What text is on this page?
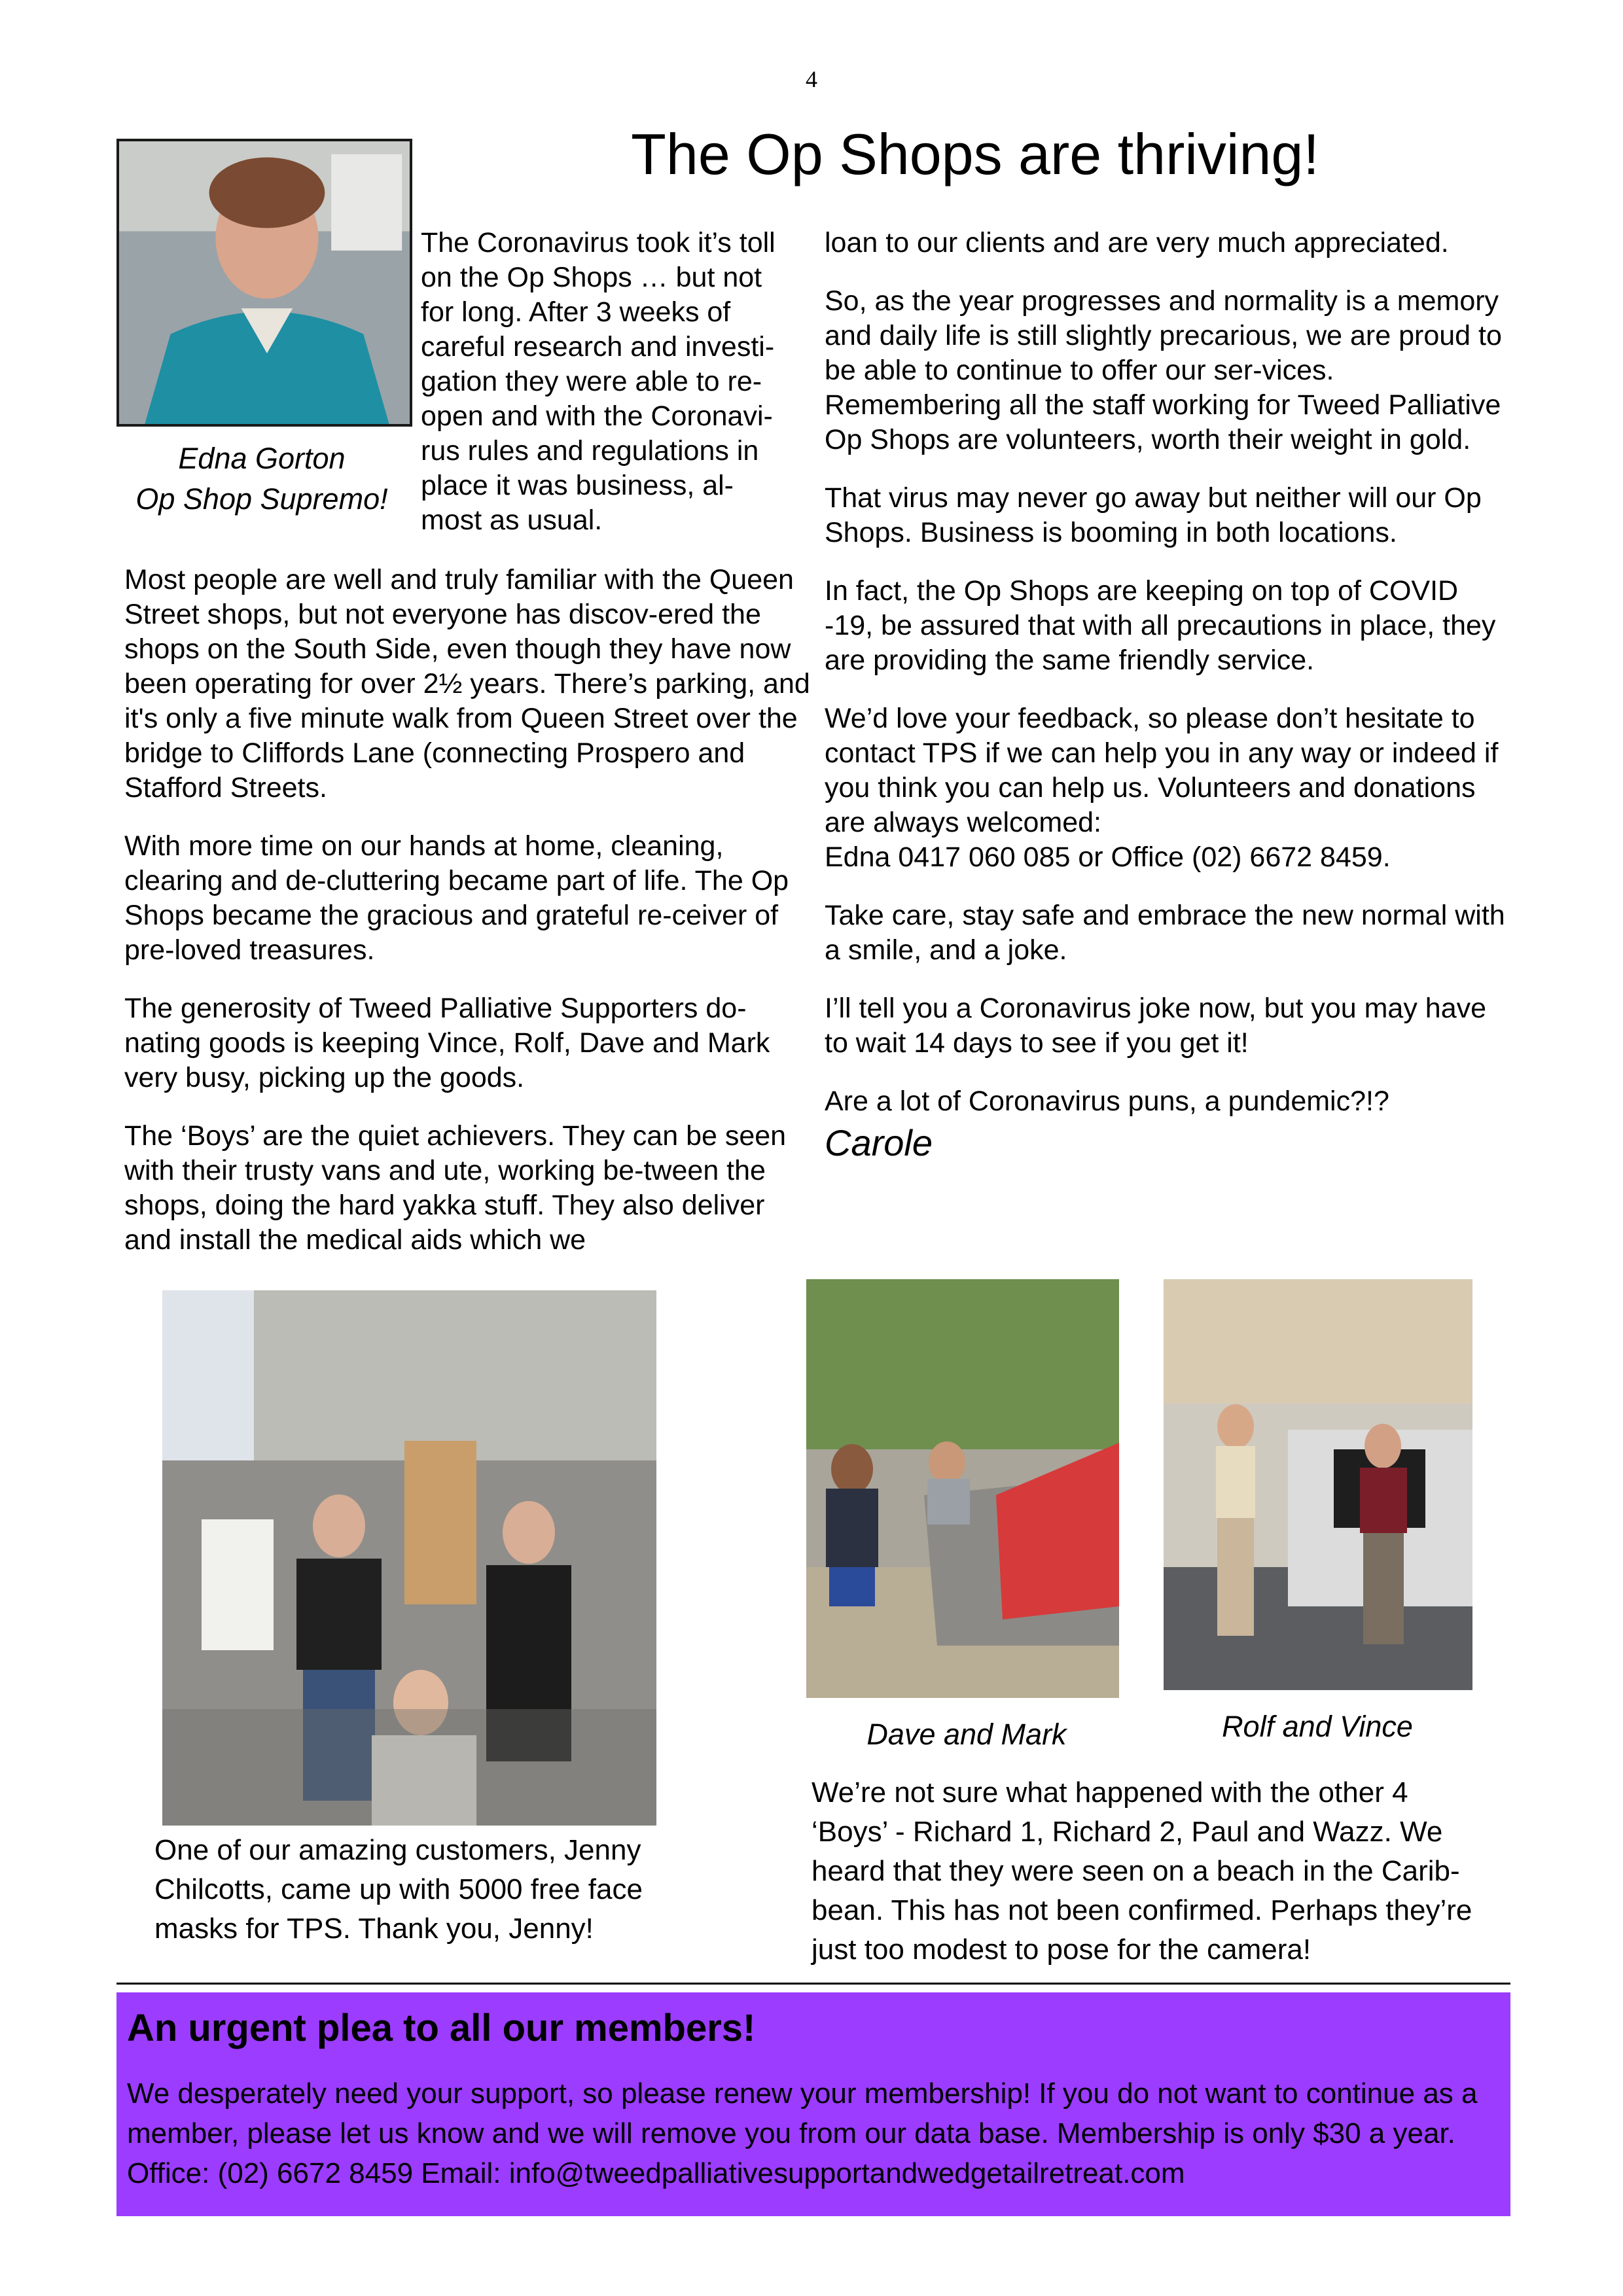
4
The Op Shops are thriving!
Edna Gorton
Op Shop Supremo!
The Coronavirus took it’s toll
on the Op Shops … but not
for long. After 3 weeks of
careful research and investi-
gation they were able to re-
open and with the Coronavi-
rus rules and regulations in
place it was business, al-
most as usual.

Most people are well and truly familiar with the Queen Street shops, but not everyone has discov-ered the shops on the South Side, even though they have now been operating for over 2½ years. There’s parking, and it's only a five minute walk from Queen Street over the bridge to Cliffords Lane (connecting Prospero and Stafford Streets.

With more time on our hands at home, cleaning, clearing and de-cluttering became part of life. The Op Shops became the gracious and grateful re-ceiver of pre-loved treasures.

The generosity of Tweed Palliative Supporters do-nating goods is keeping Vince, Rolf, Dave and Mark very busy, picking up the goods.

The ‘Boys’ are the quiet achievers. They can be seen with their trusty vans and ute, working be-tween the shops, doing the hard yakka stuff. They also deliver and install the medical aids which we

loan to our clients and are very much appreciated.

So, as the year progresses and normality is a memory and daily life is still slightly precarious, we are proud to be able to continue to offer our ser-vices. Remembering all the staff working for Tweed Palliative Op Shops are volunteers, worth their weight in gold.

That virus may never go away but neither will our Op Shops. Business is booming in both locations.

In fact, the Op Shops are keeping on top of COVID -19, be assured that with all precautions in place, they are providing the same friendly service.

We’d love your feedback, so please don’t hesitate to contact TPS if we can help you in any way or indeed if you think you can help us. Volunteers and donations are always welcomed:

Edna 0417 060 085 or Office (02) 6672 8459.

Take care, stay safe and embrace the new normal with a smile, and a joke.

I’ll tell you a Coronavirus joke now, but you may have to wait 14 days to see if you get it!

Are a lot of Coronavirus puns, a pundemic?!?

Carole
One of our amazing customers, Jenny Chilcotts, came up with 5000 free face masks for TPS. Thank you, Jenny!
Dave and Mark	Rolf and Vince
We’re not sure what happened with the other 4 ‘Boys’ - Richard 1, Richard 2, Paul and Wazz. We heard that they were seen on a beach in the Carib-bean. This has not been confirmed. Perhaps they’re just too modest to pose for the camera!
An urgent plea to all our members!
We desperately need your support, so please renew your membership! If you do not want to continue as a member, please let us know and we will remove you from our data base. Membership is only $30 a year. Office: (02) 6672 8459 Email: info@tweedpalliativesupportandwedgetailretreat.com
